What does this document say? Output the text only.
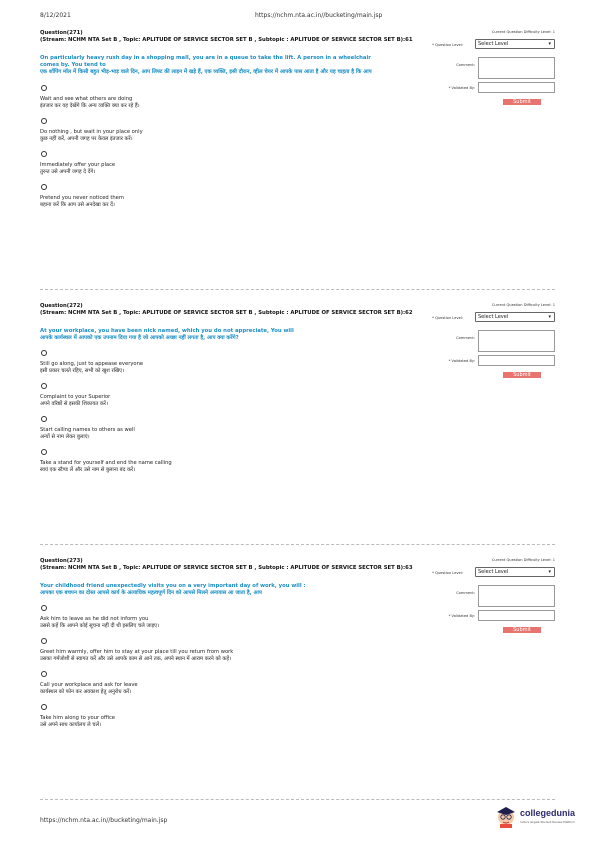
8/12/2021	https://nchm.nta.ac.in//bucketing/main.jsp
Question(271)
(Stream: NCHM NTA Set B , Topic: APLITUDE OF SERVICE SECTOR SET B , Subtopic : APLITUDE OF SERVICE SECTOR SET B):61
On particularly heavy rush day in a shopping mall, you are in a queue to take the lift. A person in a wheelchair comes by. You tend to
एक शॉपिंग मॉल में किसी बहुत भीड़-भाड़ वाले दिन, आप लिफ्ट की लाइन में खड़े हैं, एक व्यक्ति, इसी दौरान, व्हील चेयर में आपके पास आता है और यह चाहता है कि आप
Wait and see what others are doing
इंतजार कर यह देखेंगे कि अन्य व्यक्ति क्या कर रहे हैं।
Do nothing , but wait in your place only
कुछ नहीं करें, अपनी जगह पर केवल इंतजार करें।
Immediately offer your place
तुरन्त उसे अपनी जगह दे देंगे।
Pretend you never noticed them
बहाना करें कि आप उसे अनदेखा कर दें।
Current Question Difficulty Level: 1
* Question Level:	Select Level	▾
Comment:
* Validated By:
Submit
Question(272)
(Stream: NCHM NTA Set B , Topic: APLITUDE OF SERVICE SECTOR SET B , Subtopic : APLITUDE OF SERVICE SECTOR SET B):62
At your workplace, you have been nick named, which you do not appreciate, You will
आपके कार्यस्थल में आपको एक उपनाम दिया गया है जो आपको अच्छा नहीं लगता है, आप क्या करेंगे?
Still go along, just to appease everyone
इसी प्रकार चलते रहिए, सभी को खुश रखिए।
Complaint to your Superior
अपने वरिष्ठों से इसकी शिकायत करें।
Start calling names to others as well
अन्यों से नाम लेकर बुलाएं।
Take a stand for yourself and end the name calling
स्वयं एक स्टैण्ड लें और उसे नाम से बुलाना बंद करें।
Current Question Difficulty Level: 1
* Question Level:	Select Level	▾
Comment:
* Validated By:
Submit
Question(273)
(Stream: NCHM NTA Set B , Topic: APLITUDE OF SERVICE SECTOR SET B , Subtopic : APLITUDE OF SERVICE SECTOR SET B):63
Your childhood friend unexpectedly visits you on a very important day of work, you will :
आपका एक बचपन का दोस्त आपसे कार्य के अत्याधिक महत्वपूर्ण दिन को आपसे मिलने अनायास आ जाता है, आप
Ask him to leave as he did not inform you
उससे कहें कि आपने कोई सूचना नहीं दी थी इसलिए चले जाइए।
Greet him warmly, offer him to stay at your place till you return from work
उसका गर्मजोशी से स्वागत करें और उसे आपके काम से आने तक, अपने स्थान में आराम करने को कहें।
Call your workplace and ask for leave
कार्यस्थल को फोन कर अवकाश हेतु अनुरोध करें।
Take him along to your office
उसे अपने साथ कार्यालय ले चलें।
Current Question Difficulty Level: 1
* Question Level:	Select Level	▾
Comment:
* Validated By:
Submit
https://nchm.nta.ac.in//bucketing/main.jsp
collegedunia
India's largest Student Review Platform
